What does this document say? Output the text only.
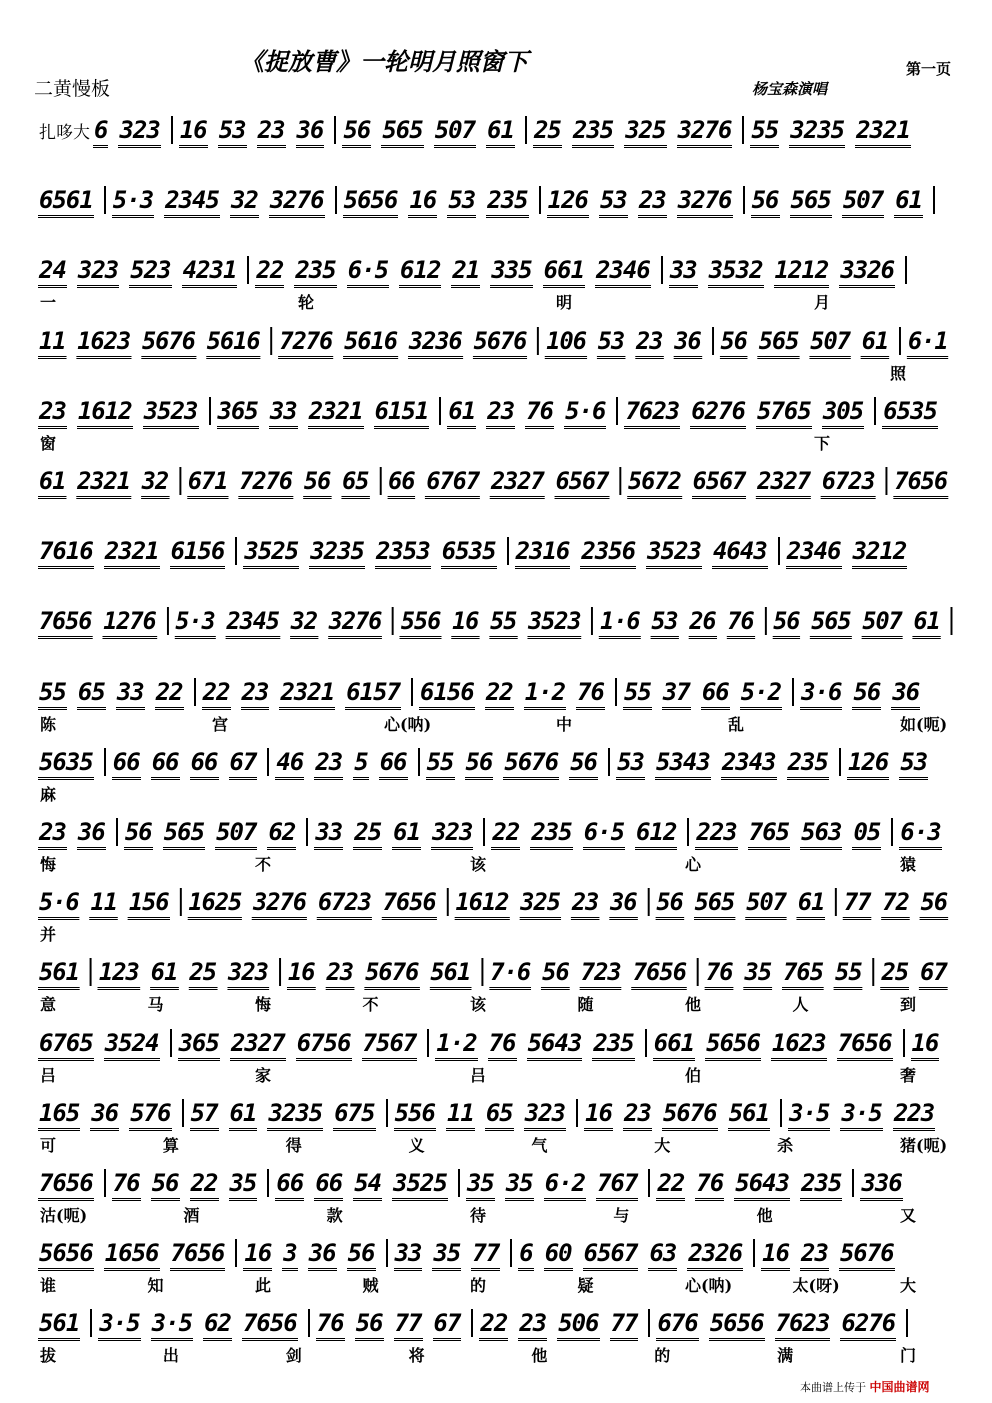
《捉放曹》一轮明月照窗下
二黄慢板	杨宝森演唱
第一页
扎哆大 6 323 16 53 23 36 56 565 507 61 25 235 325 3276 55 3235 2321
6561 5·3 2345 32 3276 5656 16 53 235 126 53 23 3276 56 565 507 61
24 323 523 4231 22 235 6·5 612 21 335 661 2346 33 3532 1212 3326
一	轮	明	月
11 1623 5676 5616 7276 5616 3236 5676 106 53 23 36 56 565 507 61 6·1
照
23 1612 3523 365 33 2321 6151 61 23 76 5·6 7623 6276 5765 305 6535
窗	下
61 2321 32 671 7276 56 65 66 6767 2327 6567 5672 6567 2327 6723 7656
7616 2321 6156 3525 3235 2353 6535 2316 2356 3523 4643 2346 3212
7656 1276 5·3 2345 32 3276 556 16 55 3523 1·6 53 26 76 56 565 507 61
55 65 33 22 22 23 2321 6157 6156 22 1·2 76 55 37 66 5·2 3·6 56 36
陈	宫	心(呐)	中	乱	如(呃)
5635 66 66 66 67 46 23 5 66 55 56 5676 56 53 5343 2343 235 126 53
麻
23 36 56 565 507 62 33 25 61 323 22 235 6·5 612 223 765 563 05 6·3
悔	不	该	心	猿
5·6 11 156 1625 3276 6723 7656 1612 325 23 36 56 565 507 61 77 72 56
并
561 123 61 25 323 16 23 5676 561 7·6 56 723 7656 76 35 765 55 25 67
意	马	悔	不	该	随	他	人	到
6765 3524 365 2327 6756 7567 1·2 76 5643 235 661 5656 1623 7656 16
吕	家	吕	伯	奢
165 36 576 57 61 3235 675 556 11 65 323 16 23 5676 561 3·5 3·5 223
可	算	得	义	气	大	杀	猪(呃)
7656 76 56 22 35 66 66 54 3525 35 35 6·2 767 22 76 5643 235 336
沽(呃)	酒	款	待	与	他	又
5656 1656 7656 16 3 36 56 33 35 77 6 60 6567 63 2326 16 23 5676
谁	知	此	贼	的	疑	心(呐)	太(呀)	大
561 3·5 3·5 62 7656 76 56 77 67 22 23 506 77 676 5656 7623 6276
拔	出	剑	将	他	的	满	门
本曲谱上传于 中国曲谱网
